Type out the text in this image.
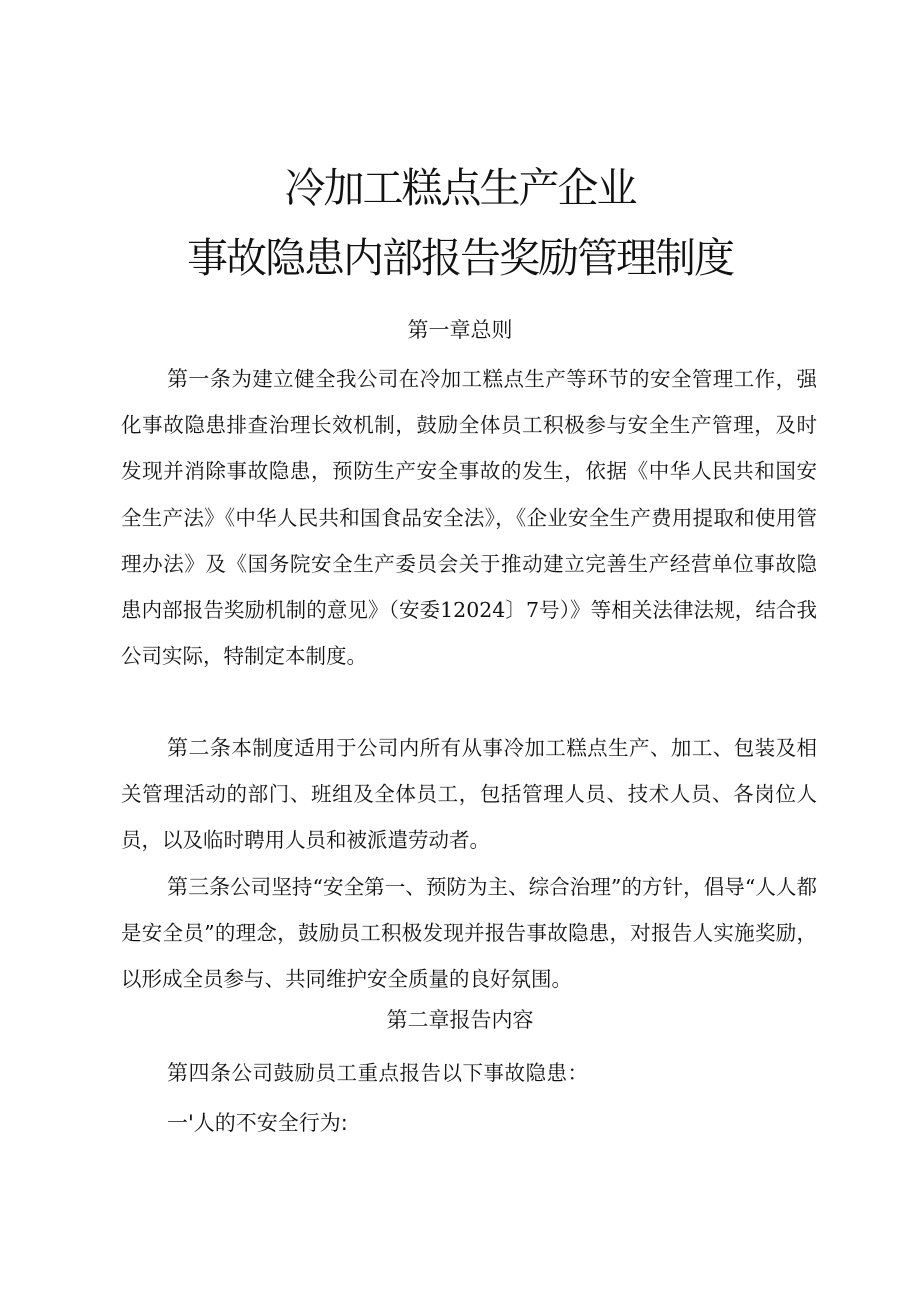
冷加工糕点生产企业
事故隐患内部报告奖励管理制度
第一章总则

第一条为建立健全我公司在冷加工糕点生产等环节的安全管理工作，强化事故隐患排查治理长效机制，鼓励全体员工积极参与安全生产管理，及时发现并消除事故隐患，预防生产安全事故的发生，依据《中华人民共和国安全生产法》《中华人民共和国食品安全法》，《企业安全生产费用提取和使用管理办法》及《国务院安全生产委员会关于推动建立完善生产经营单位事故隐患内部报告奖励机制的意见》（安委12024〕7号）》等相关法律法规，结合我公司实际，特制定本制度。

第二条本制度适用于公司内所有从事冷加工糕点生产、加工、包装及相关管理活动的部门、班组及全体员工，包括管理人员、技术人员、各岗位人员，以及临时聘用人员和被派遣劳动者。

第三条公司坚持“安全第一、预防为主、综合治理”的方针，倡导“人人都是安全员”的理念，鼓励员工积极发现并报告事故隐患，对报告人实施奖励，以形成全员参与、共同维护安全质量的良好氛围。

第二章报告内容

第四条公司鼓励员工重点报告以下事故隐患：

一'人的不安全行为:
